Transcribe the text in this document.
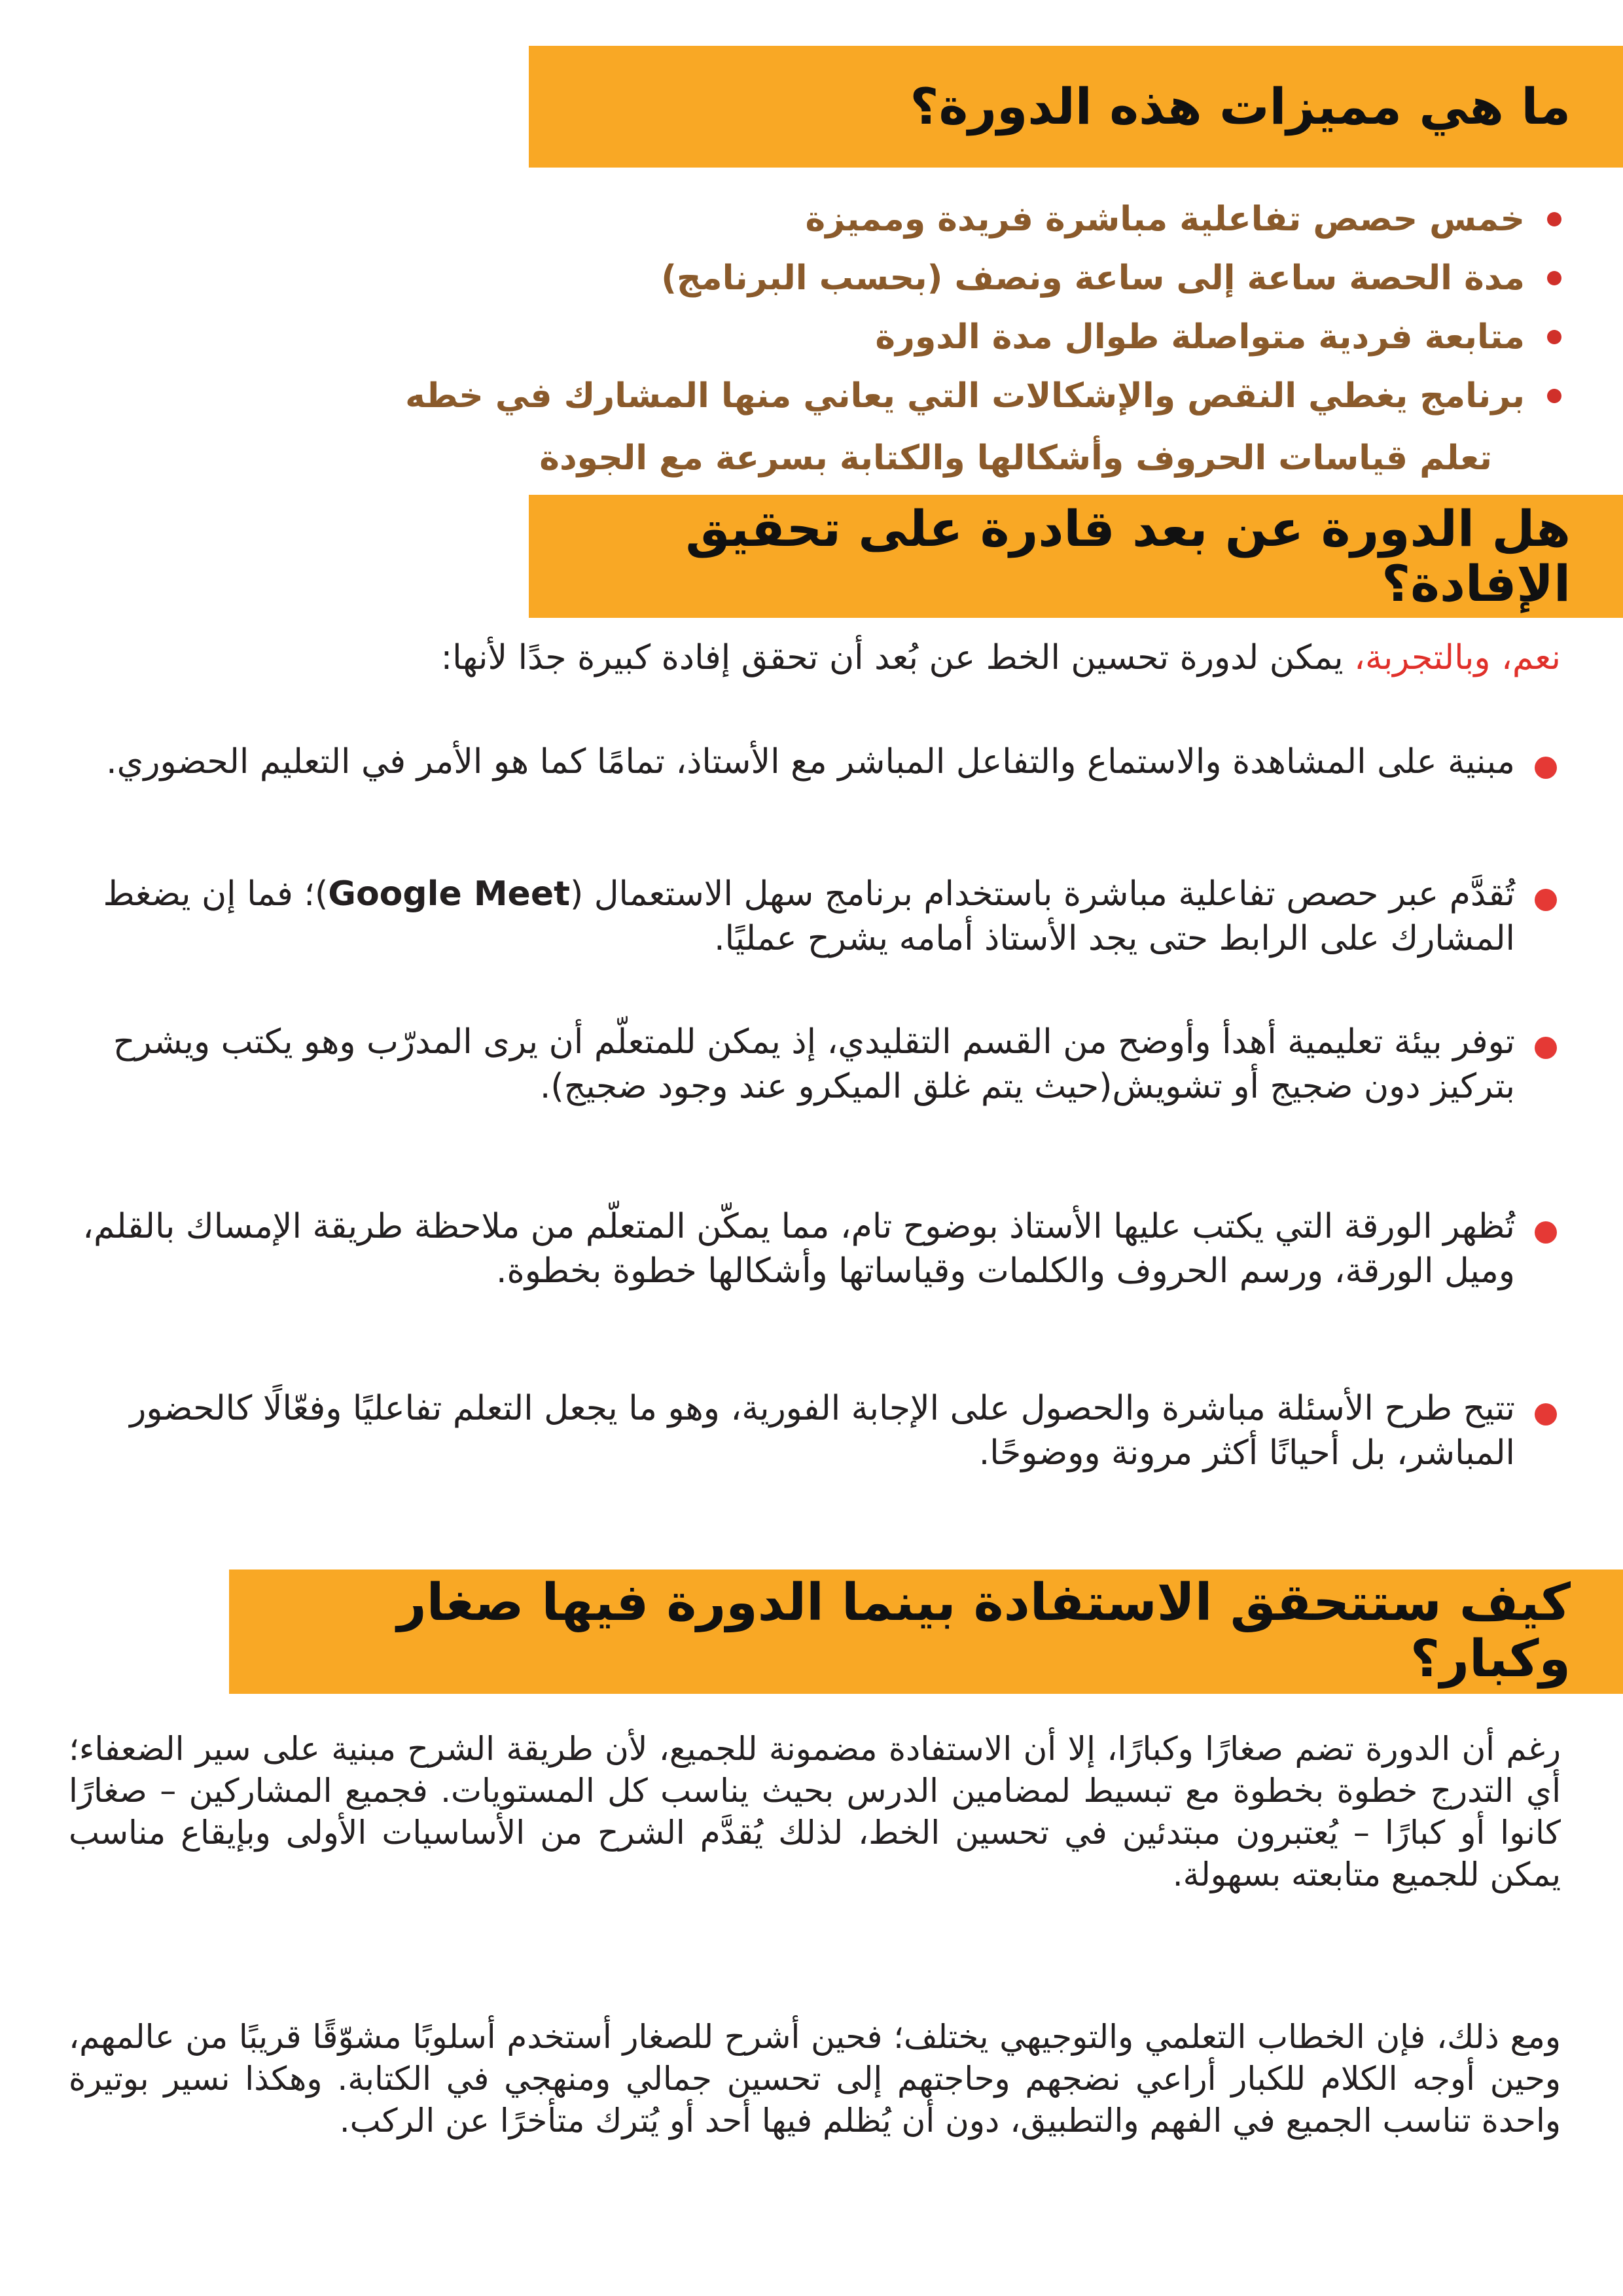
ما هي مميزات هذه الدورة؟
خمس حصص تفاعلية مباشرة فريدة ومميزة
مدة الحصة ساعة إلى ساعة ونصف (بحسب البرنامج)
متابعة فردية متواصلة طوال مدة الدورة
برنامج يغطي النقص والإشكالات التي يعاني منها المشارك في خطه
تعلم قياسات الحروف وأشكالها والكتابة بسرعة مع الجودة
هل الدورة عن بعد قادرة على تحقيق الإفادة؟

نعم، وبالتجربة، يمكن لدورة تحسين الخط عن بُعد أن تحقق إفادة كبيرة جدًا لأنها:

مبنية على المشاهدة والاستماع والتفاعل المباشر مع الأستاذ، تمامًا كما هو الأمر في التعليم الحضوري.

تُقدَّم عبر حصص تفاعلية مباشرة باستخدام برنامج سهل الاستعمال (Google Meet)؛ فما إن يضغط المشارك على الرابط حتى يجد الأستاذ أمامه يشرح عمليًا.

توفر بيئة تعليمية أهدأ وأوضح من القسم التقليدي، إذ يمكن للمتعلّم أن يرى المدرّب وهو يكتب ويشرح بتركيز دون ضجيج أو تشويش(حيث يتم غلق الميكرو عند وجود ضجيج).

تُظهر الورقة التي يكتب عليها الأستاذ بوضوح تام، مما يمكّن المتعلّم من ملاحظة طريقة الإمساك بالقلم، وميل الورقة، ورسم الحروف والكلمات وقياساتها وأشكالها خطوة بخطوة.

تتيح طرح الأسئلة مباشرة والحصول على الإجابة الفورية، وهو ما يجعل التعلم تفاعليًا وفعّالًا كالحضور المباشر، بل أحيانًا أكثر مرونة ووضوحًا.

كيف ستتحقق الاستفادة بينما الدورة فيها صغار وكبار؟

رغم أن الدورة تضم صغارًا وكبارًا، إلا أن الاستفادة مضمونة للجميع، لأن طريقة الشرح مبنية على سير الضعفاء؛ أي التدرج خطوة بخطوة مع تبسيط لمضامين الدرس بحيث يناسب كل المستويات. فجميع المشاركين – صغارًا كانوا أو كبارًا – يُعتبرون مبتدئين في تحسين الخط، لذلك يُقدَّم الشرح من الأساسيات الأولى وبإيقاع مناسب يمكن للجميع متابعته بسهولة.

ومع ذلك، فإن الخطاب التعلمي والتوجيهي يختلف؛ فحين أشرح للصغار أستخدم أسلوبًا مشوّقًا قريبًا من عالمهم، وحين أوجه الكلام للكبار أراعي نضجهم وحاجتهم إلى تحسين جمالي ومنهجي في الكتابة. وهكذا نسير بوتيرة واحدة تناسب الجميع في الفهم والتطبيق، دون أن يُظلم فيها أحد أو يُترك متأخرًا عن الركب.
